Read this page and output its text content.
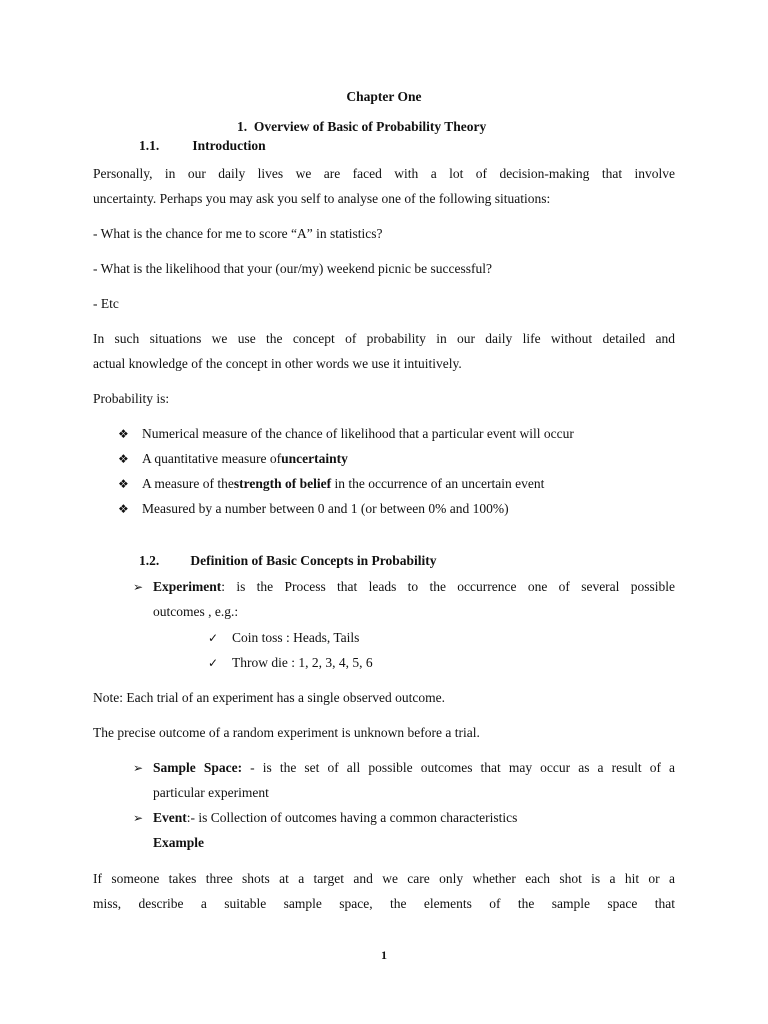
Chapter One
1. Overview of Basic of Probability Theory
1.1. Introduction
Personally, in our daily lives we are faced with a lot of decision-making that involve
uncertainty. Perhaps you may ask you self to analyse one of the following situations:
- What is the chance for me to score “A” in statistics?
- What is the likelihood that your (our/my) weekend picnic be successful?
- Etc
In such situations we use the concept of probability in our daily life without detailed and
actual knowledge of the concept in other words we use it intuitively.
Probability is:
❖ Numerical measure of the chance of likelihood that a particular event will occur
❖ A quantitative measure ofuncertainty
❖ A measure of thestrength of belief in the occurrence of an uncertain event
❖ Measured by a number between 0 and 1 (or between 0% and 100%)
1.2. Definition of Basic Concepts in Probability
➢ Experiment: is the Process that leads to the occurrence one of several possible
outcomes , e.g.:
✓ Coin toss : Heads, Tails
✓ Throw die : 1, 2, 3, 4, 5, 6
Note: Each trial of an experiment has a single observed outcome.
The precise outcome of a random experiment is unknown before a trial.
➢ Sample Space: - is the set of all possible outcomes that may occur as a result of a
particular experiment
➢ Event:- is Collection of outcomes having a common characteristics
Example
If someone takes three shots at a target and we care only whether each shot is a hit or a
miss, describe a suitable sample space, the elements of the sample space that
1
